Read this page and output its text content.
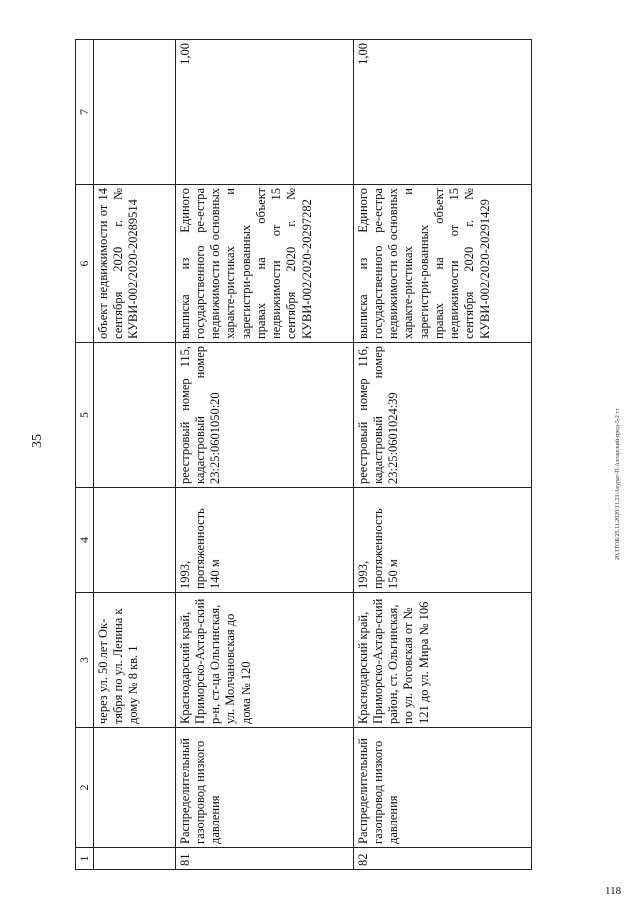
35
118
20.3ТОБ/25.11.2020/11.23/Акурат-П-Ахтарский-пред-5-2 тт
1	2	3	4	5	6	7
		через ул. 50 лет Ок-тября по ул. Ленина к дому № 8 кв. 1			объект недвижимости от 14 сентября 2020 г. № КУВИ-002/2020-20289514	
81	Распределительный газопровод низкого давления	Краснодарский край, Приморско-Ахтар-ский р-н, ст-ца Ольгинская, ул. Молчановская до дома № 120	1993, протяженность 140 м	реестровый номер 115, кадастровый номер 23:25:0601050:20	выписка из Единого государственного ре-естра недвижимости об основных характе-ристиках и зарегистри-рованных правах на объект недвижимости от 15 сентября 2020 г. № КУВИ-002/2020-20297282	1,00
82	Распределительный газопровод низкого давления	Краснодарский край, Приморско-Ахтар-ский район, ст. Ольгинская, по ул. Роговская от № 121 до ул. Мира № 106	1993, протяженность 150 м	реестровый номер 116, кадастровый номер 23:25:0601024:39	выписка из Единого государственного ре-естра недвижимости об основных характе-ристиках и зарегистри-рованных правах на объект недвижимости от 15 сентября 2020 г. № КУВИ-002/2020-20291429	1,00
